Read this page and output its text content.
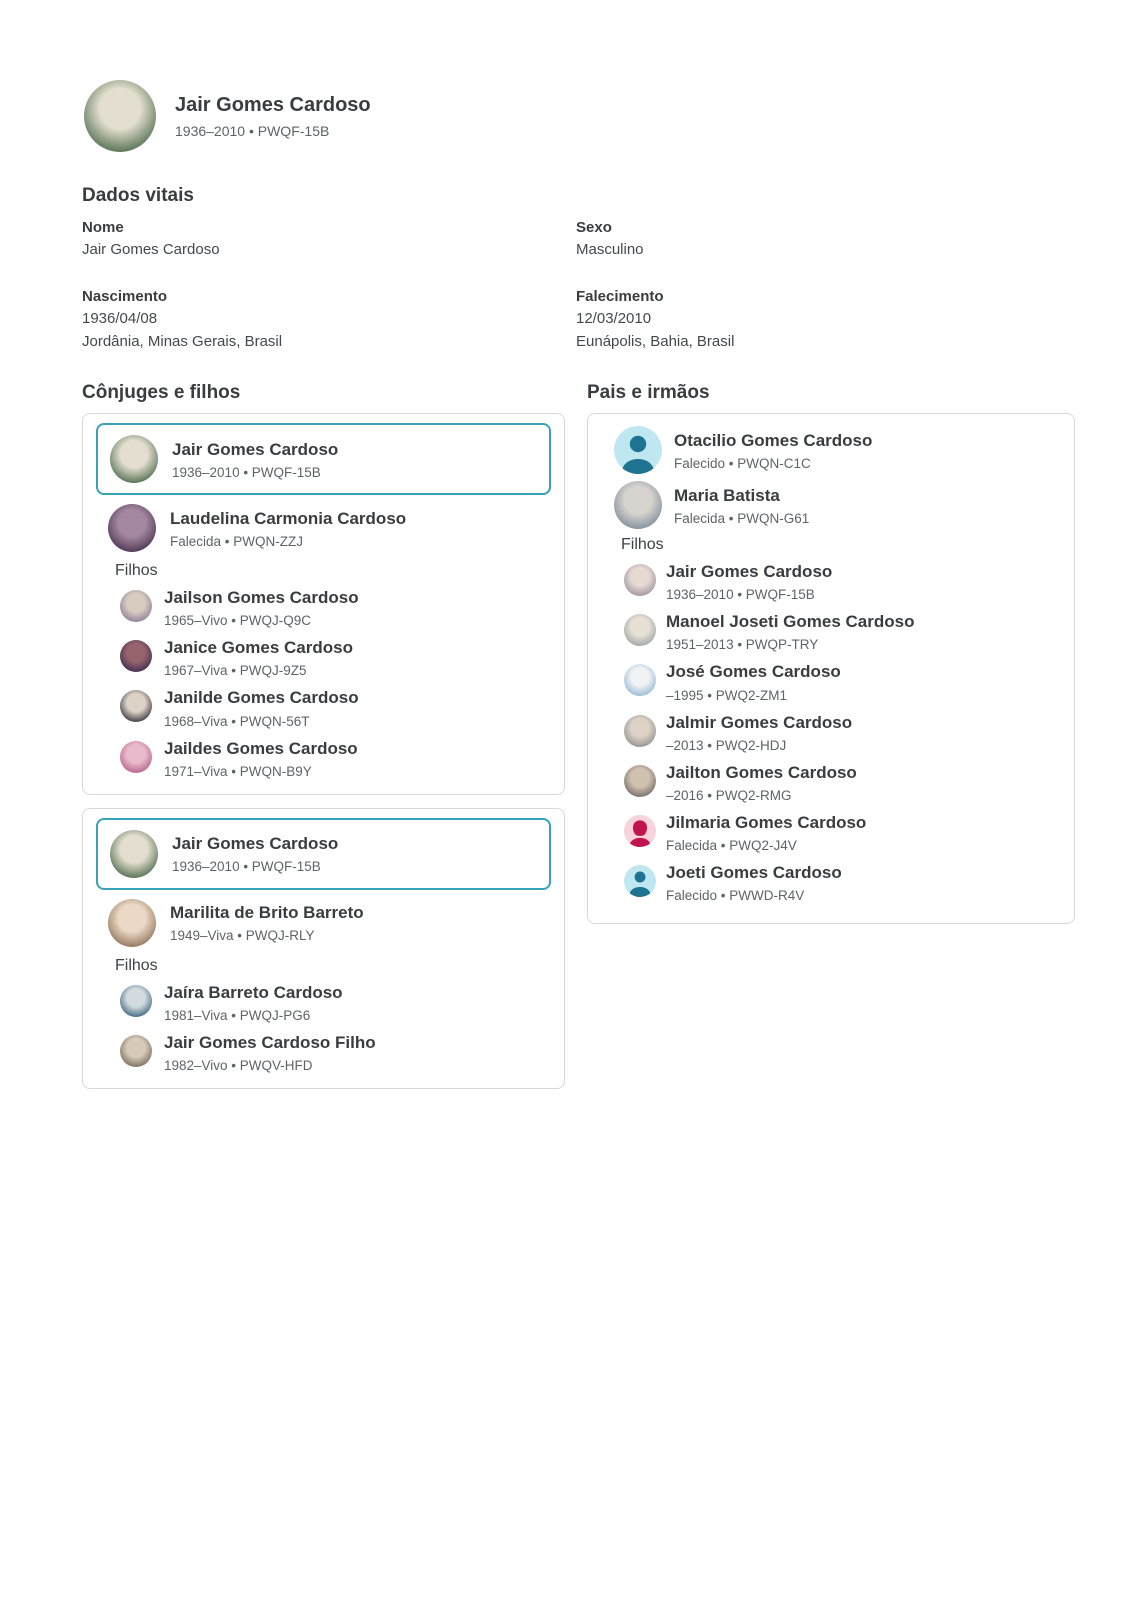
Jair Gomes Cardoso
1936–2010 • PWQF-15B
Dados vitais
Nome
Jair Gomes Cardoso
Sexo
Masculino
Nascimento
1936/04/08
Jordânia, Minas Gerais, Brasil
Falecimento
12/03/2010
Eunápolis, Bahia, Brasil
Cônjuges e filhos
Jair Gomes Cardoso
1936–2010 • PWQF-15B
Laudelina Carmonia Cardoso
Falecida • PWQN-ZZJ
Filhos
Jailson Gomes Cardoso
1965–Vivo • PWQJ-Q9C
Janice Gomes Cardoso
1967–Viva • PWQJ-9Z5
Janilde Gomes Cardoso
1968–Viva • PWQN-56T
Jaildes Gomes Cardoso
1971–Viva • PWQN-B9Y
Jair Gomes Cardoso
1936–2010 • PWQF-15B
Marilita de Brito Barreto
1949–Viva • PWQJ-RLY
Filhos
Jaíra Barreto Cardoso
1981–Viva • PWQJ-PG6
Jair Gomes Cardoso Filho
1982–Vivo • PWQV-HFD
Pais e irmãos
Otacilio Gomes Cardoso
Falecido • PWQN-C1C
Maria Batista
Falecida • PWQN-G61
Filhos
Jair Gomes Cardoso
1936–2010 • PWQF-15B
Manoel Joseti Gomes Cardoso
1951–2013 • PWQP-TRY
José Gomes Cardoso
–1995 • PWQ2-ZM1
Jalmir Gomes Cardoso
–2013 • PWQ2-HDJ
Jailton Gomes Cardoso
–2016 • PWQ2-RMG
Jilmaria Gomes Cardoso
Falecida • PWQ2-J4V
Joeti Gomes Cardoso
Falecido • PWWD-R4V
